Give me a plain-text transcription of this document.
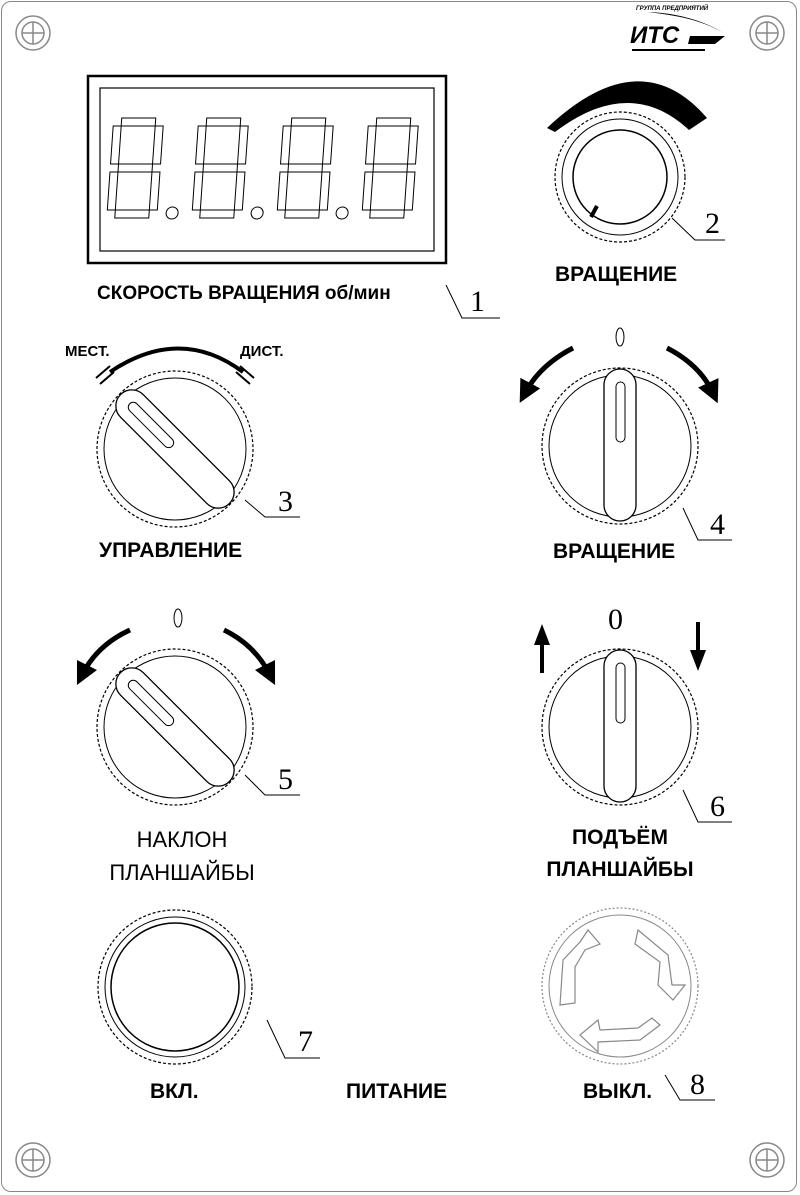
ГРУППА ПРЕДПРИЯТИЙ
ИТС
1
2
3
4
5
6
7
8
СКОРОСТЬ ВРАЩЕНИЯ об/мин
ВРАЩЕНИЕ
МЕСТ.	ДИСТ.
УПРАВЛЕНИЕ	ВРАЩЕНИЕ
НАКЛОН
ПЛАНШАЙБЫ
ПОДЪЁМ
ПЛАНШАЙБЫ
0
ВКЛ.	ПИТАНИЕ	ВЫКЛ.
